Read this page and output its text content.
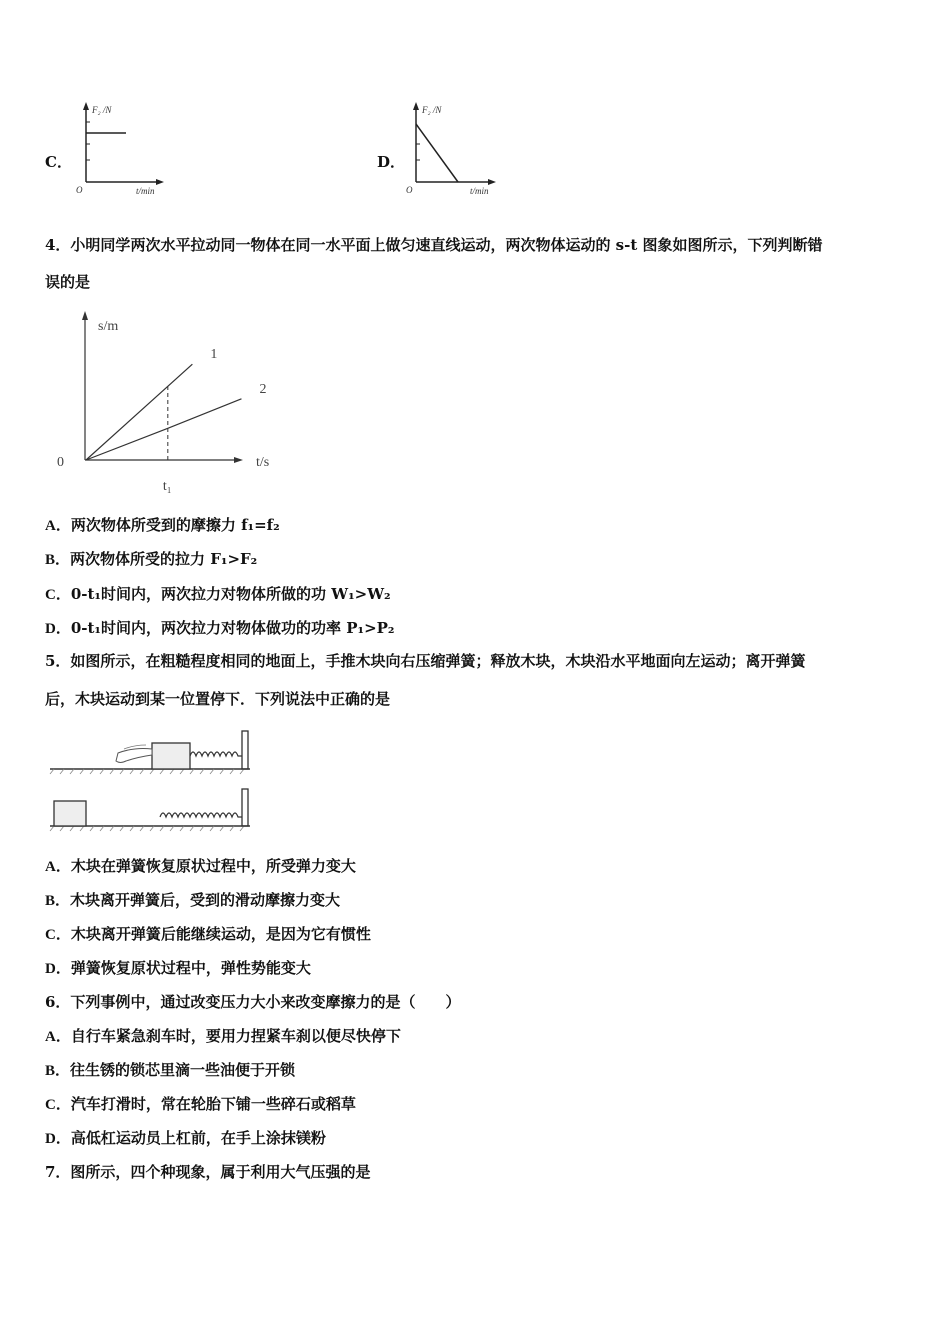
C．
F₂ /N
O	t/min
D．
F₂ /N
O	t/min
4．小明同学两次水平拉动同一物体在同一水平面上做匀速直线运动，两次物体运动的 s-t 图象如图所示，下列判断错
误的是
1
2
s/m
t/s
0
t₁
A．两次物体所受到的摩擦力 f₁=f₂
B．两次物体所受的拉力 F₁>F₂
C．0-t₁时间内，两次拉力对物体所做的功 W₁>W₂
D．0-t₁时间内，两次拉力对物体做功的功率 P₁>P₂
5．如图所示，在粗糙程度相同的地面上，手推木块向右压缩弹簧；释放木块，木块沿水平地面向左运动；离开弹簧
后，木块运动到某一位置停下．下列说法中正确的是
A．木块在弹簧恢复原状过程中，所受弹力变大
B．木块离开弹簧后，受到的滑动摩擦力变大
C．木块离开弹簧后能继续运动，是因为它有惯性
D．弹簧恢复原状过程中，弹性势能变大
6．下列事例中，通过改变压力大小来改变摩擦力的是（　　）
A．自行车紧急刹车时，要用力捏紧车刹以便尽快停下
B．往生锈的锁芯里滴一些油便于开锁
C．汽车打滑时，常在轮胎下铺一些碎石或稻草
D．高低杠运动员上杠前，在手上涂抹镁粉
7．图所示，四个种现象，属于利用大气压强的是
